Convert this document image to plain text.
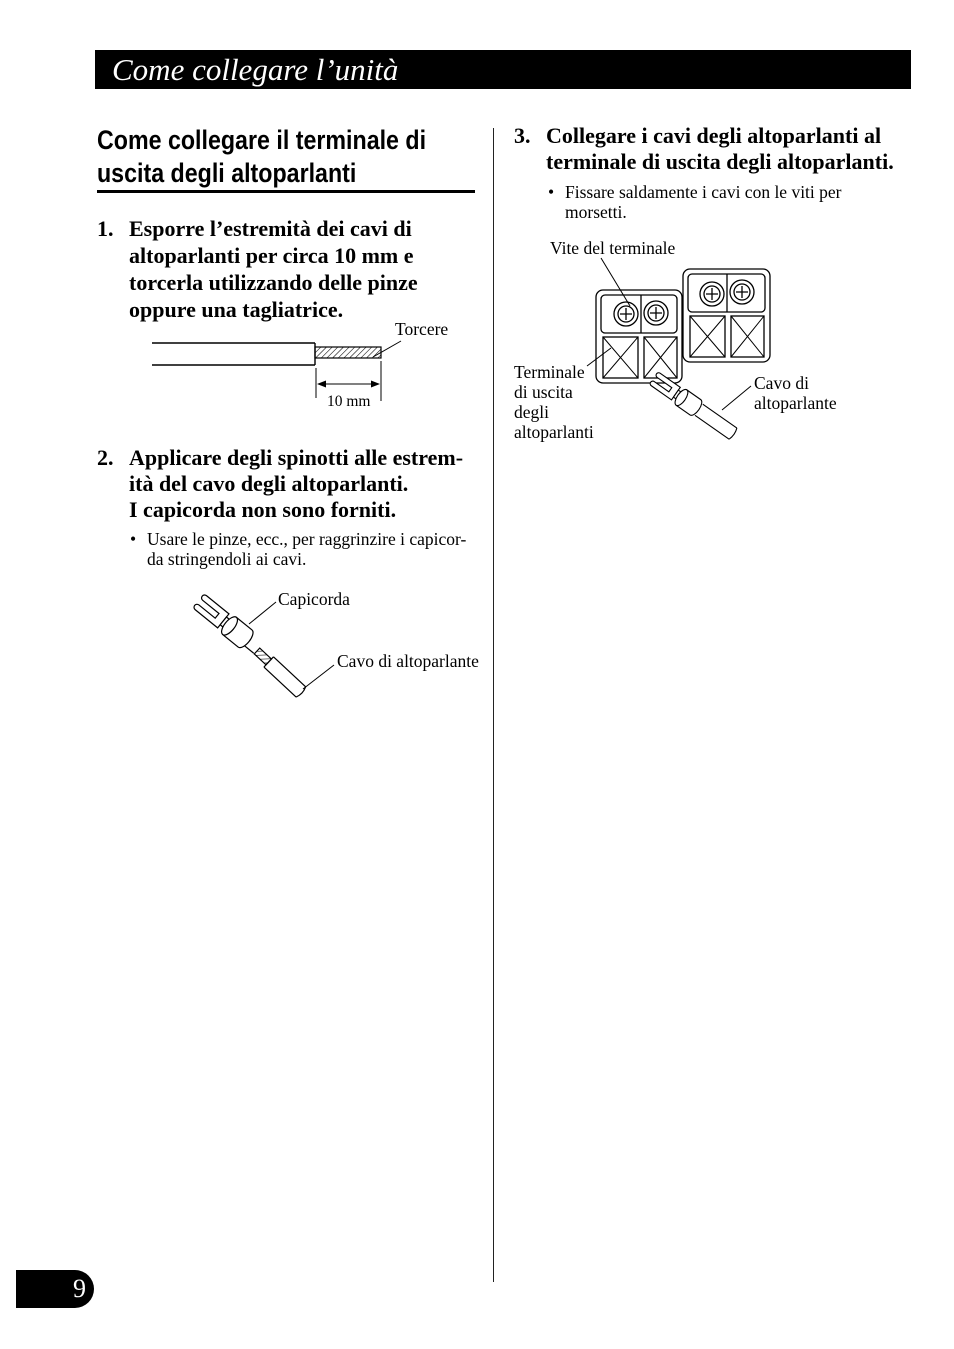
Come collegare l’unità
Come collegare il terminale di
uscita degli altoparlanti
1. Esporre l’estremità dei cavi di
altoparlanti per circa 10 mm e
torcerla utilizzando delle pinze
oppure una tagliatrice.
Torcere
10 mm
2. Applicare degli spinotti alle estrem-
ità del cavo degli altoparlanti.
I capicorda non sono forniti.
• Usare le pinze, ecc., per raggrinzire i capicor-
da stringendoli ai cavi.
Capicorda
Cavo di altoparlante
3. Collegare i cavi degli altoparlanti al
terminale di uscita degli altoparlanti.
• Fissare saldamente i cavi con le viti per
morsetti.
Vite del terminale
Terminale
di uscita
degli
altoparlanti
Cavo di
altoparlante
9
